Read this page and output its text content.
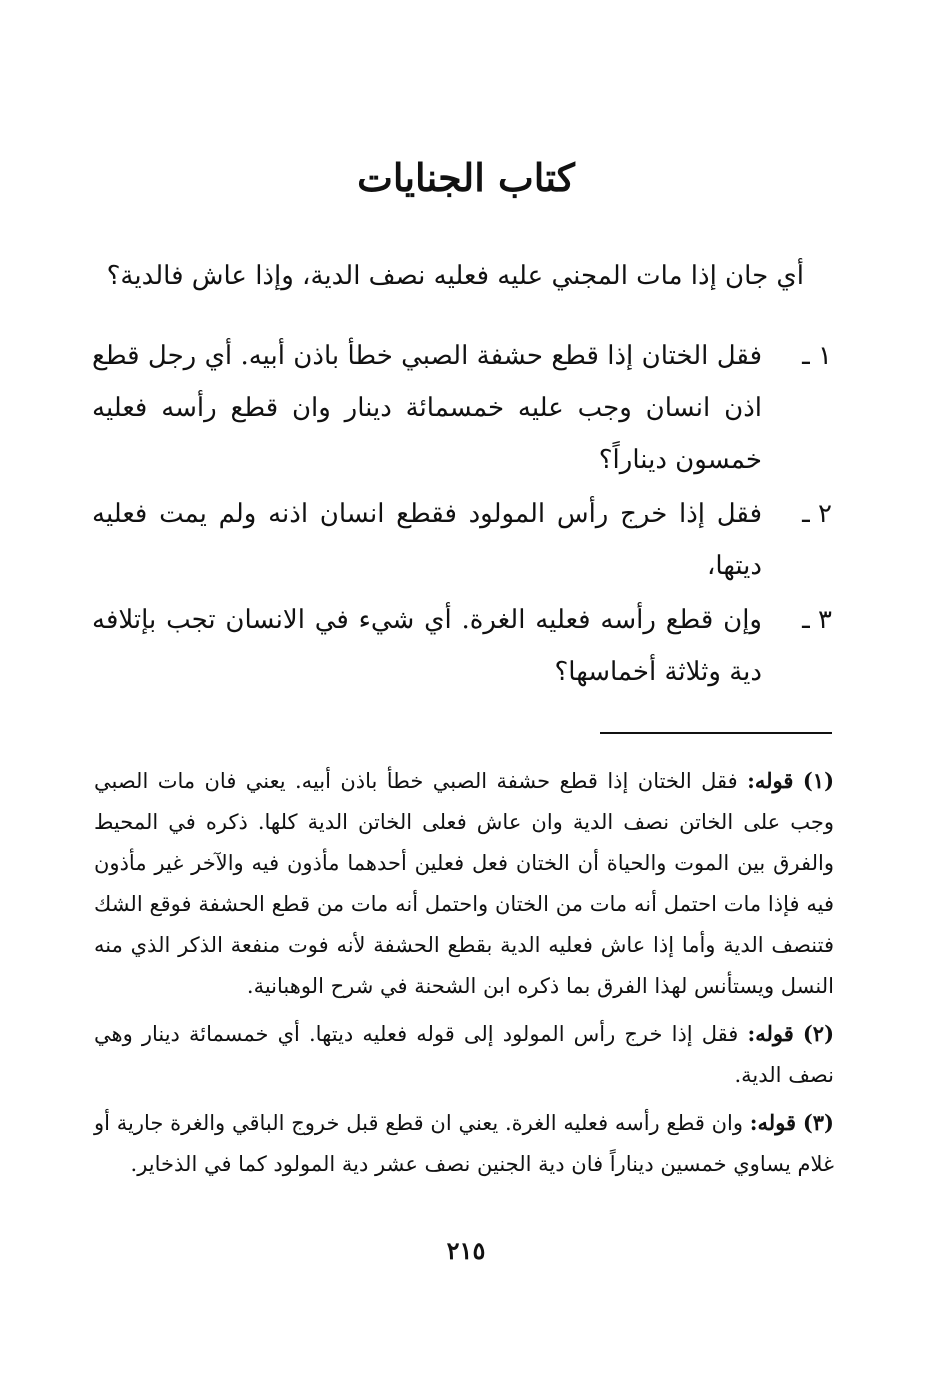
كتاب الجنايات

أي جان إذا مات المجني عليه فعليه نصف الدية، وإذا عاش فالدية؟

١ ـ
فقل الختان إذا قطع حشفة الصبي خطأ باذن أبيه. أي رجل قطع اذن انسان وجب عليه خمسمائة دينار وان قطع رأسه فعليه خمسون ديناراً؟
٢ ـ
فقل إذا خرج رأس المولود فقطع انسان اذنه ولم يمت فعليه ديتها،
٣ ـ
وإن قطع رأسه فعليه الغرة. أي شيء في الانسان تجب بإتلافه دية وثلاثة أخماسها؟

(١) قوله: فقل الختان إذا قطع حشفة الصبي خطأ باذن أبيه. يعني فان مات الصبي وجب على الخاتن نصف الدية وان عاش فعلى الخاتن الدية كلها. ذكره في المحيط والفرق بين الموت والحياة أن الختان فعل فعلين أحدهما مأذون فيه والآخر غير مأذون فيه فإذا مات احتمل أنه مات من الختان واحتمل أنه مات من قطع الحشفة فوقع الشك فتنصف الدية وأما إذا عاش فعليه الدية بقطع الحشفة لأنه فوت منفعة الذكر الذي منه النسل ويستأنس لهذا الفرق بما ذكره ابن الشحنة في شرح الوهبانية.

(٢) قوله: فقل إذا خرج رأس المولود إلى قوله فعليه ديتها. أي خمسمائة دينار وهي نصف الدية.

(٣) قوله: وان قطع رأسه فعليه الغرة. يعني ان قطع قبل خروج الباقي والغرة جارية أو غلام يساوي خمسين ديناراً فان دية الجنين نصف عشر دية المولود كما في الذخاير.

٢١٥
